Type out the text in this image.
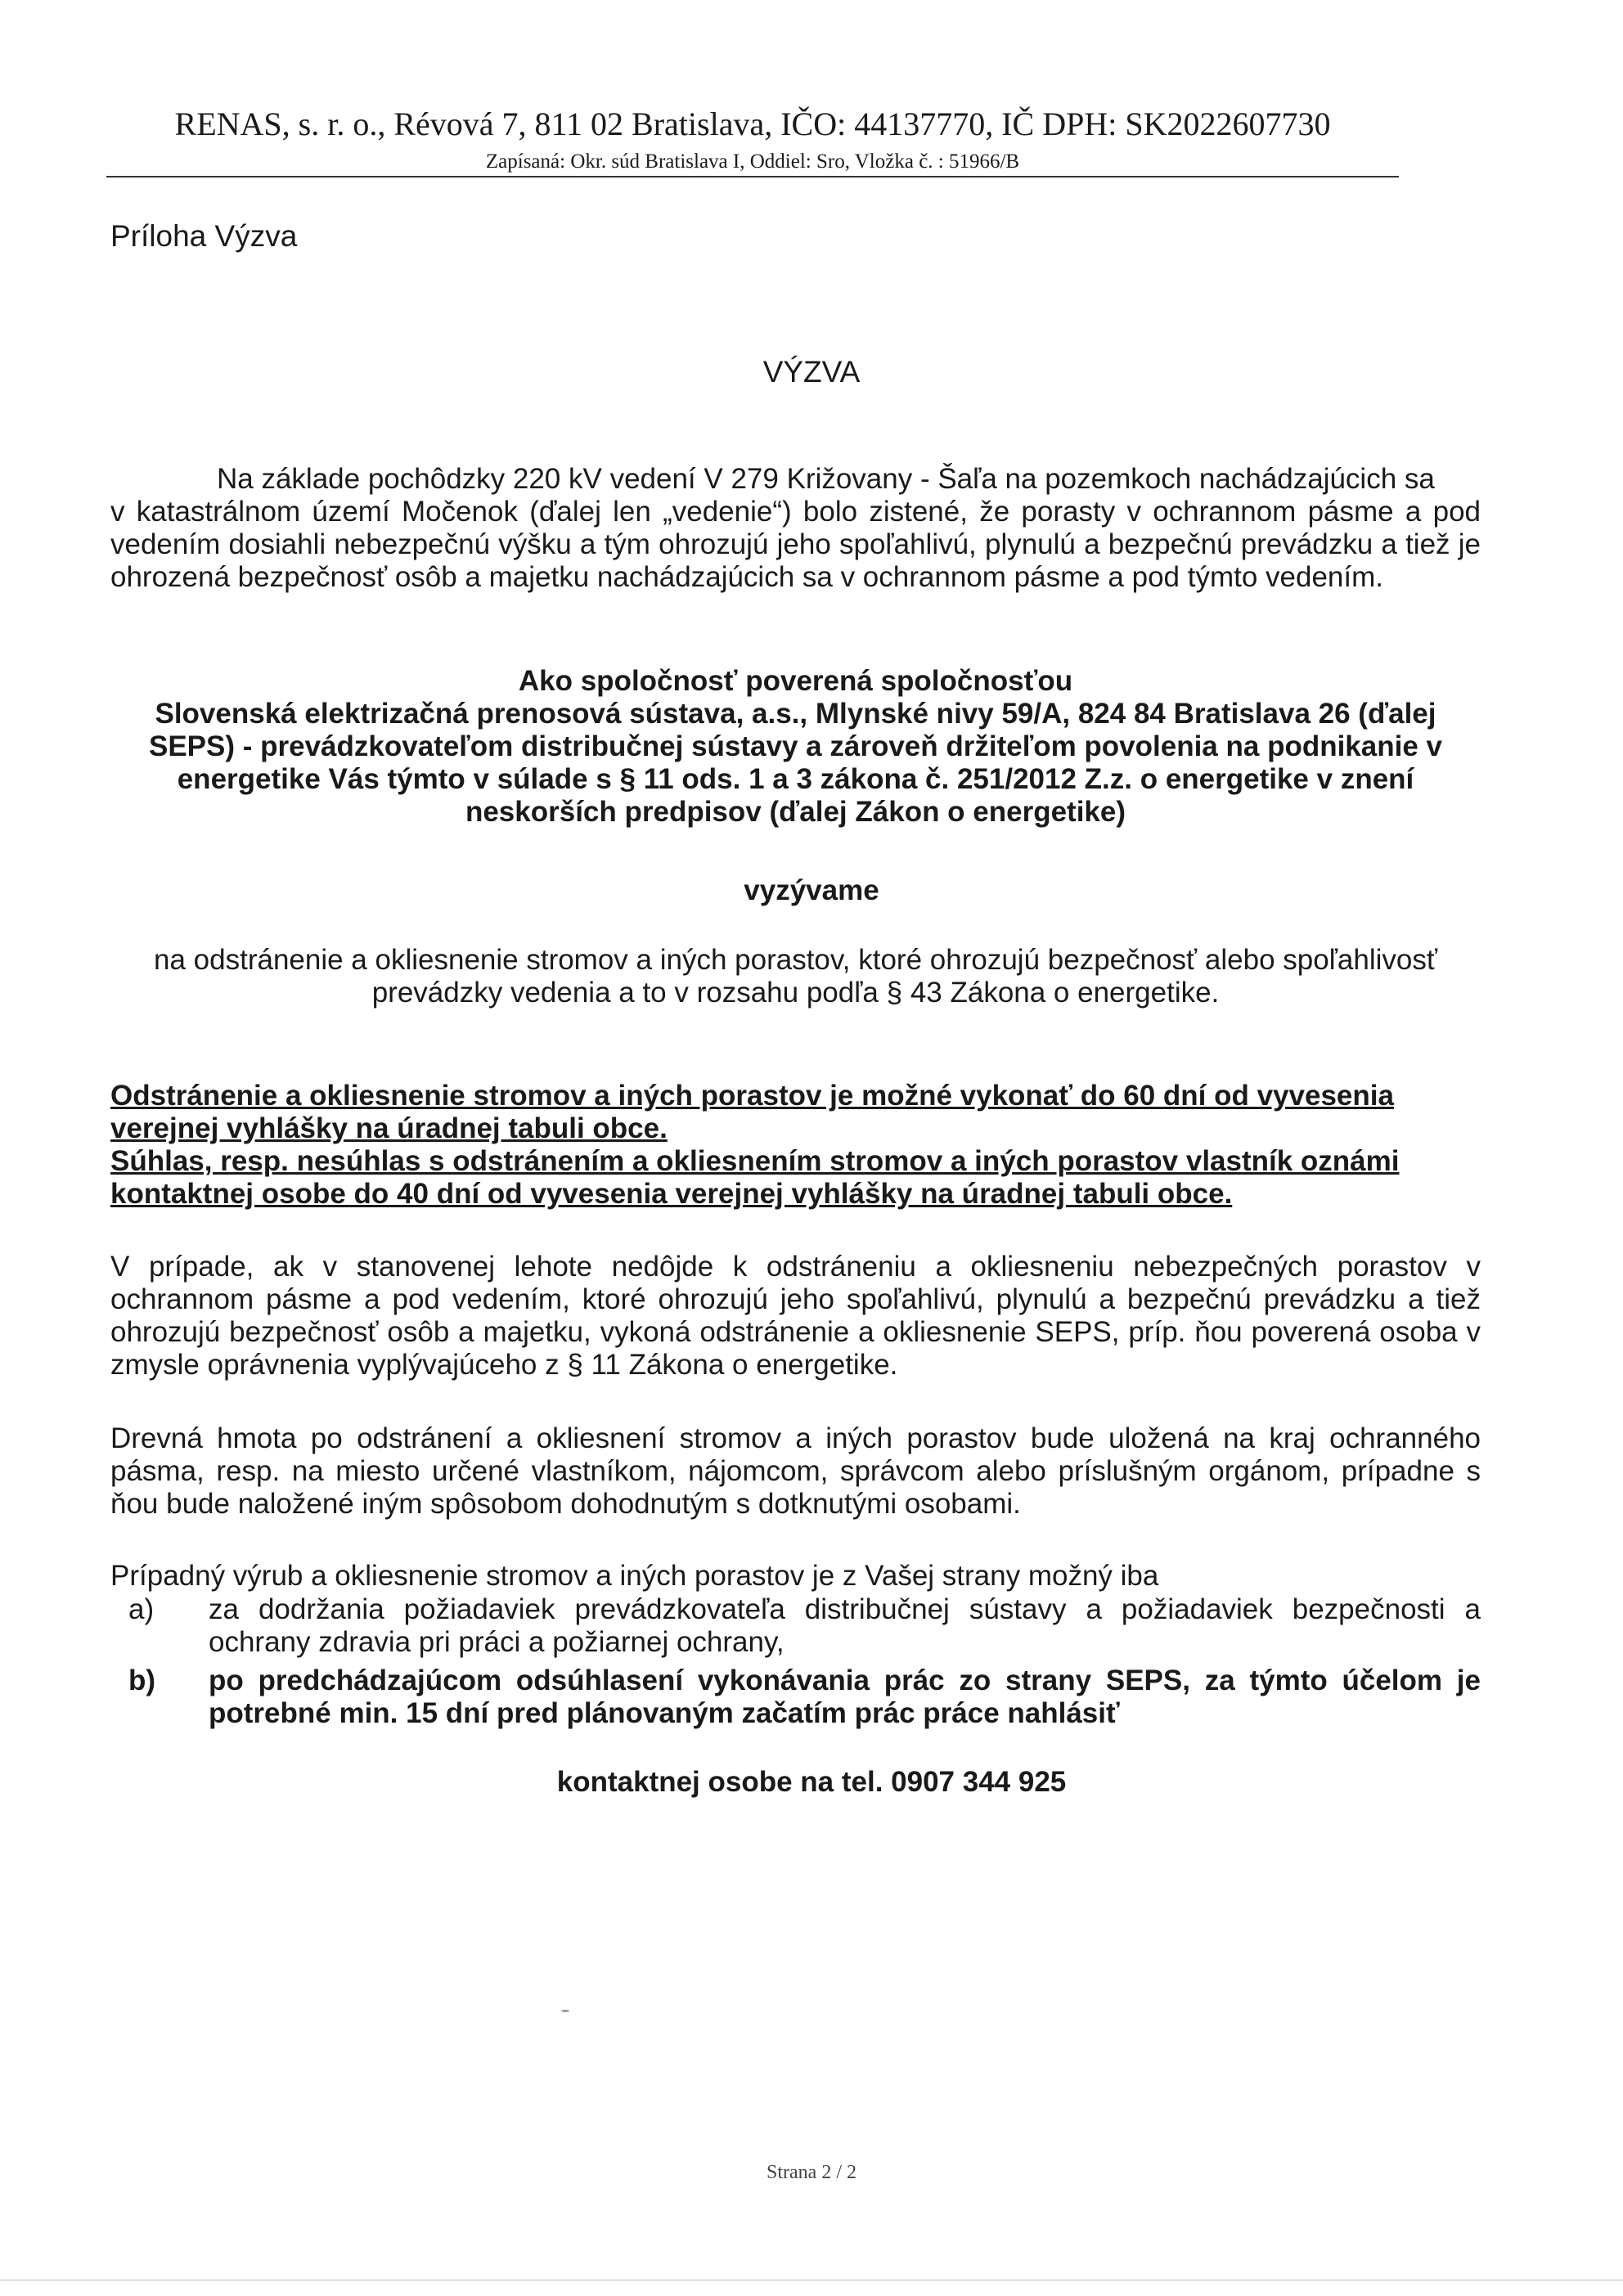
RENAS, s. r. o., Révová 7, 811 02 Bratislava, IČO: 44137770, IČ DPH: SK2022607730
Zapísaná: Okr. súd Bratislava I, Oddiel: Sro, Vložka č. : 51966/B
Príloha Výzva
VÝZVA
Na základe pochôdzky 220 kV vedení V 279 Križovany - Šaľa na pozemkoch nachádzajúcich sa
v katastrálnom území Močenok (ďalej len „vedenie“) bolo zistené, že porasty v ochrannom pásme a pod vedením dosiahli nebezpečnú výšku a tým ohrozujú jeho spoľahlivú, plynulú a bezpečnú prevádzku a tiež je ohrozená bezpečnosť osôb a majetku nachádzajúcich sa v ochrannom pásme a pod týmto vedením.
Ako spoločnosť poverená spoločnosťou
Slovenská elektrizačná prenosová sústava, a.s., Mlynské nivy 59/A, 824 84 Bratislava 26 (ďalej SEPS) - prevádzkovateľom distribučnej sústavy a zároveň držiteľom povolenia na podnikanie v energetike Vás týmto v súlade s § 11 ods. 1 a 3 zákona č. 251/2012 Z.z. o energetike v znení neskorších predpisov (ďalej Zákon o energetike)
vyzývame
na odstránenie a okliesnenie stromov a iných porastov, ktoré ohrozujú bezpečnosť alebo spoľahlivosť
prevádzky vedenia a to v rozsahu podľa § 43 Zákona o energetike.
Odstránenie a okliesnenie stromov a iných porastov je možné vykonať do 60 dní od vyvesenia verejnej vyhlášky na úradnej tabuli obce.
Súhlas, resp. nesúhlas s odstránením a okliesnením stromov a iných porastov vlastník oznámi kontaktnej osobe do 40 dní od vyvesenia verejnej vyhlášky na úradnej tabuli obce.
V prípade, ak v stanovenej lehote nedôjde k odstráneniu a okliesneniu nebezpečných porastov v ochrannom pásme a pod vedením, ktoré ohrozujú jeho spoľahlivú, plynulú a bezpečnú prevádzku a tiež ohrozujú bezpečnosť osôb a majetku, vykoná odstránenie a okliesnenie SEPS, príp. ňou poverená osoba v zmysle oprávnenia vyplývajúceho z § 11 Zákona o energetike.
Drevná hmota po odstránení a okliesnení stromov a iných porastov bude uložená na kraj ochranného pásma, resp. na miesto určené vlastníkom, nájomcom, správcom alebo príslušným orgánom, prípadne s ňou bude naložené iným spôsobom dohodnutým s dotknutými osobami.
Prípadný výrub a okliesnenie stromov a iných porastov je z Vašej strany možný iba
a) za dodržania požiadaviek prevádzkovateľa distribučnej sústavy a požiadaviek bezpečnosti a ochrany zdravia pri práci a požiarnej ochrany,
b) po predchádzajúcom odsúhlasení vykonávania prác zo strany SEPS, za týmto účelom je potrebné min. 15 dní pred plánovaným začatím prác práce nahlásiť
kontaktnej osobe na tel. 0907 344 925
Strana 2 / 2
